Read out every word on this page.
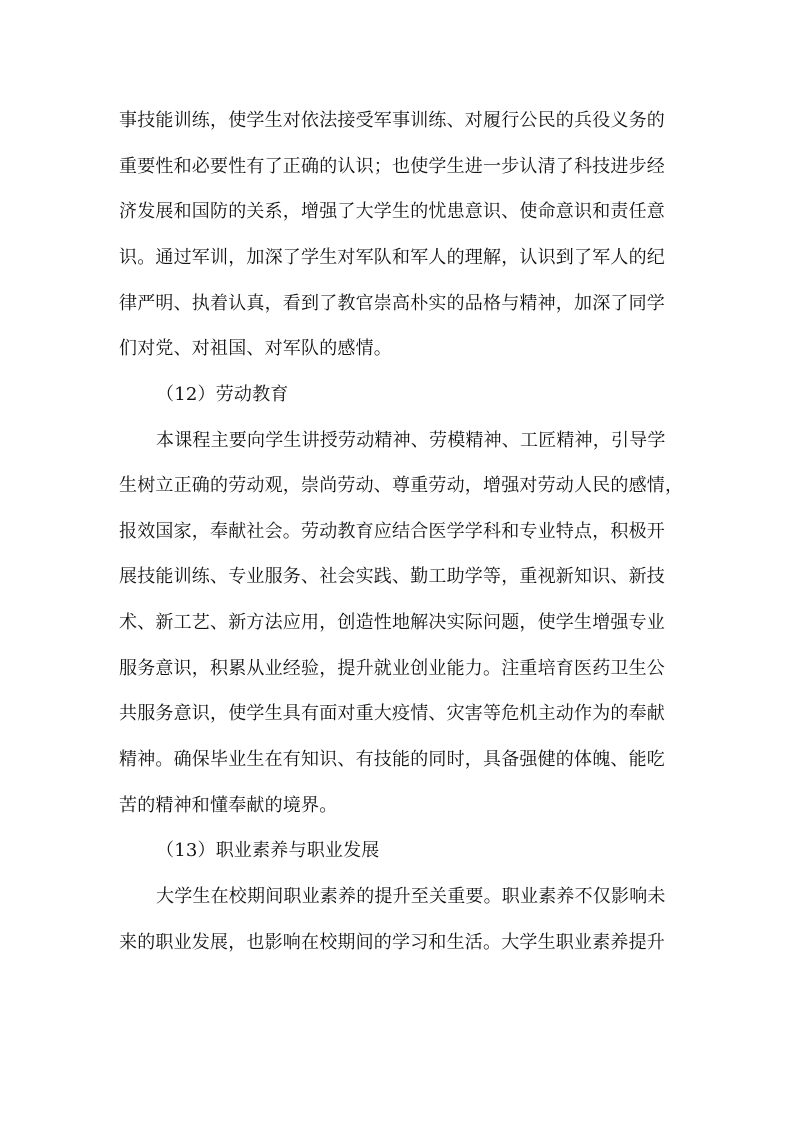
事技能训练，使学生对依法接受军事训练、对履行公民的兵役义务的
重要性和必要性有了正确的认识；也使学生进一步认清了科技进步经
济发展和国防的关系，增强了大学生的忧患意识、使命意识和责任意
识。通过军训，加深了学生对军队和军人的理解，认识到了军人的纪
律严明、执着认真，看到了教官崇高朴实的品格与精神，加深了同学
们对党、对祖国、对军队的感情。
（12）劳动教育
本课程主要向学生讲授劳动精神、劳模精神、工匠精神，引导学
生树立正确的劳动观，崇尚劳动、尊重劳动，增强对劳动人民的感情，
报效国家，奉献社会。劳动教育应结合医学学科和专业特点，积极开
展技能训练、专业服务、社会实践、勤工助学等，重视新知识、新技
术、新工艺、新方法应用，创造性地解决实际问题，使学生增强专业
服务意识，积累从业经验，提升就业创业能力。注重培育医药卫生公
共服务意识，使学生具有面对重大疫情、灾害等危机主动作为的奉献
精神。确保毕业生在有知识、有技能的同时，具备强健的体魄、能吃
苦的精神和懂奉献的境界。
（13）职业素养与职业发展
大学生在校期间职业素养的提升至关重要。职业素养不仅影响未
来的职业发展，也影响在校期间的学习和生活。大学生职业素养提升
